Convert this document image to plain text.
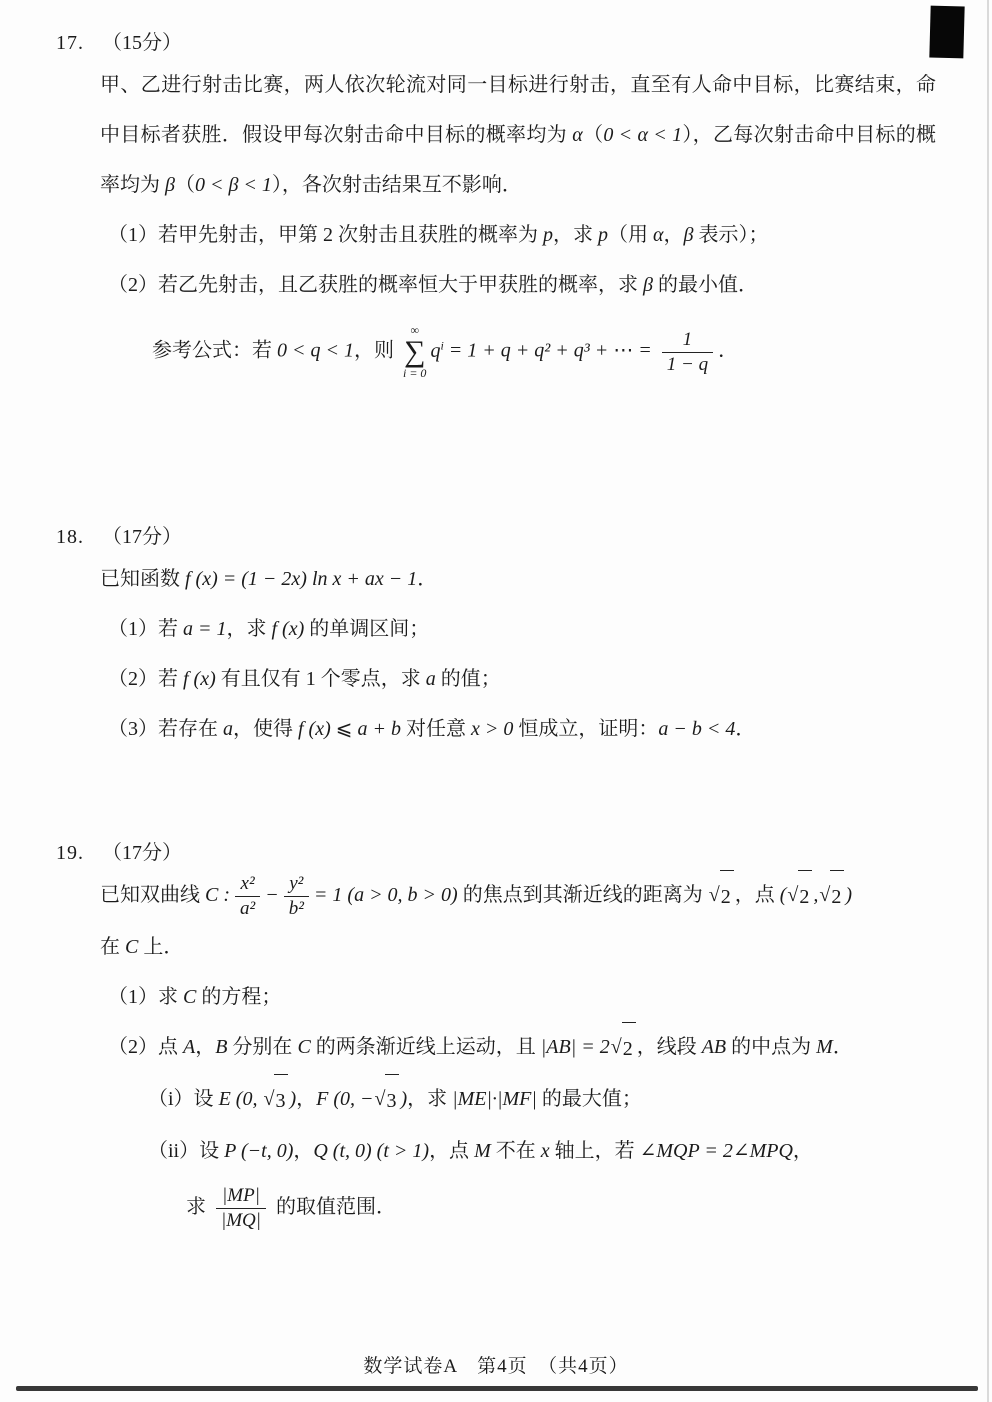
17. （15分）

甲、乙进行射击比赛，两人依次轮流对同一目标进行射击，直至有人命中目标，比赛结束，命中目标者获胜．假设甲每次射击命中目标的概率均为 α（0 < α < 1），乙每次射击命中目标的概率均为 β（0 < β < 1），各次射击结果互不影响．

（1）若甲先射击，甲第 2 次射击且获胜的概率为 p，求 p（用 α，β 表示）；

（2）若乙先射击，且乙获胜的概率恒大于甲获胜的概率，求 β 的最小值．

参考公式：若 0 < q < 1，则
∞
∑
i = 0
$q^i = 1 + q + q^2 + q^3$ + ⋯ = $\frac{1}{1 - q}$ ．

18. （17分）

已知函数 f (x) = (1 − 2x) ln x + ax − 1．

（1）若 a = 1，求 f (x) 的单调区间；

（2）若 f (x) 有且仅有 1 个零点，求 a 的值；

（3）若存在 a，使得 f (x) ⩽ a + b 对任意 x > 0 恒成立，证明：a − b < 4．

19. （17分）

已知双曲线 C : $\frac{\text{x²}}{\text{a²}} - \frac{\text{y²}}{\text{b²}} = 1$ (a > 0, b > 0) 的焦点到其渐近线的距离为 √ 2 ，点 ( √ 2 , √ 2 )

在 C 上．

（1）求 C 的方程；

（2）点 A，B 分别在 C 的两条渐近线上运动，且 |AB| = 2 √ 2 ，线段 AB 的中点为 M．

（i）设 E (0, √ 3 )，F (0, − √ 3 )，求 |ME|·|MF| 的最大值；

（ii）设 P (−t, 0)，Q (t, 0) (t > 1)，点 M 不在 x 轴上，若 ∠MQP = 2∠MPQ，

求 $\frac{|MP|}{|MQ|}$ 的取值范围．

数学试卷A　第4页　（共4页）
